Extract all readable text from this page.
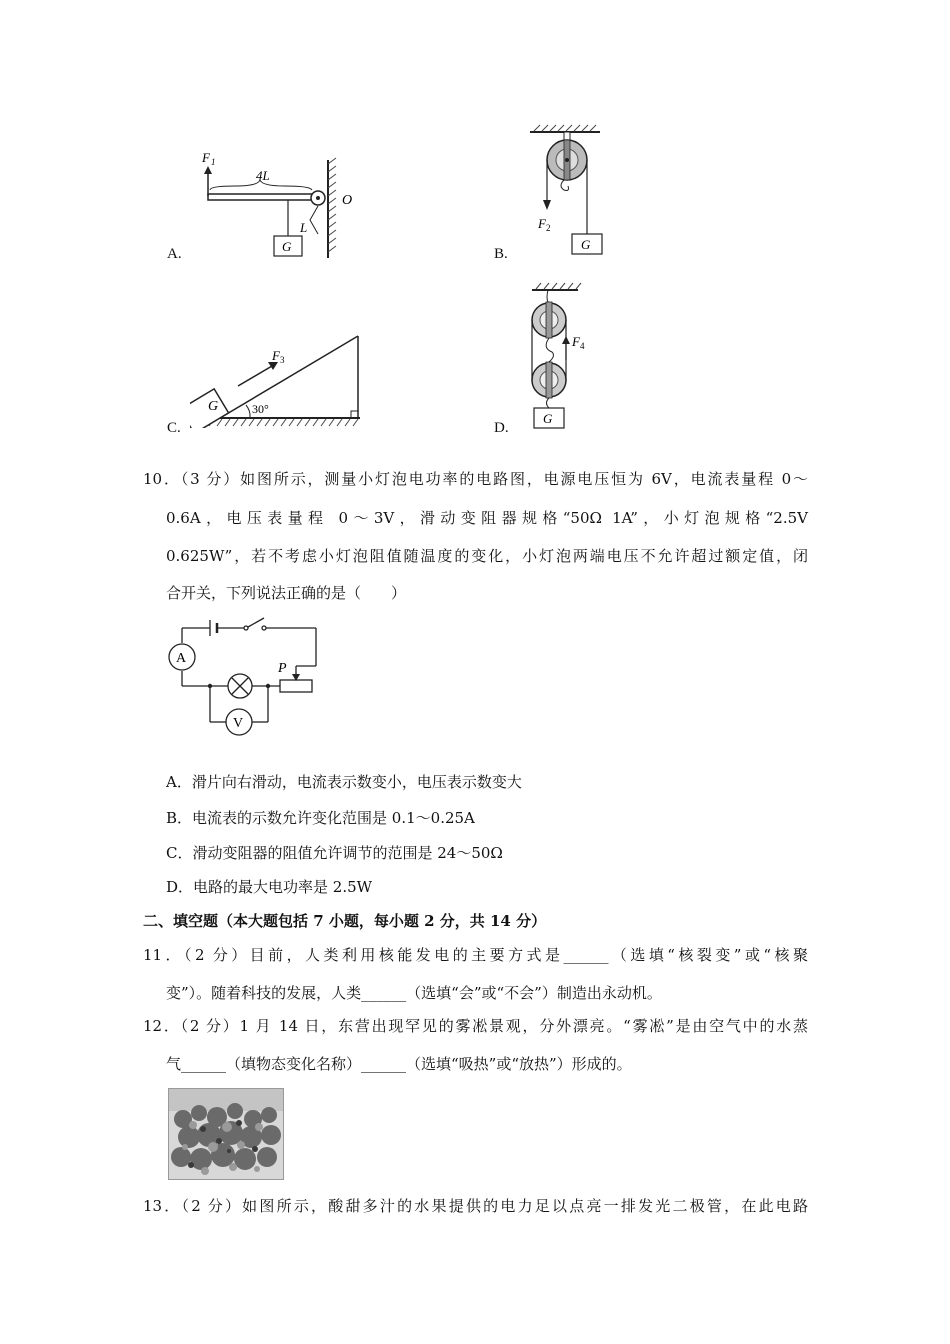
G
F 1
4L
L
O
A.
G
F 2
B.
G	30°
F 3
C.
G
F 4
D.
10．（3 分）如图所示，测量小灯泡电功率的电路图，电源电压恒为 6V，电流表量程 0～
0.6A，电压表量程 0～3V，滑动变阻器规格“50Ω 1A”，小灯泡规格“2.5V
0.625W”，若不考虑小灯泡阻值随温度的变化，小灯泡两端电压不允许超过额定值，闭
合开关，下列说法正确的是（　　）
A
V
P
A．滑片向右滑动，电流表示数变小，电压表示数变大
B．电流表的示数允许变化范围是 0.1～0.25A
C．滑动变阻器的阻值允许调节的范围是 24～50Ω
D．电路的最大电功率是 2.5W
二、填空题（本大题包括 7 小题，每小题 2 分，共 14 分）
11．（2 分）目前，人类利用核能发电的主要方式是______（选填“核裂变”或“核聚
变”）。随着科技的发展，人类______（选填“会”或“不会”）制造出永动机。
12．（2 分）1 月 14 日，东营出现罕见的雾凇景观，分外漂亮。“雾凇”是由空气中的水蒸
气______（填物态变化名称）______（选填“吸热”或“放热”）形成的。
13．（2 分）如图所示，酸甜多汁的水果提供的电力足以点亮一排发光二极管，在此电路
